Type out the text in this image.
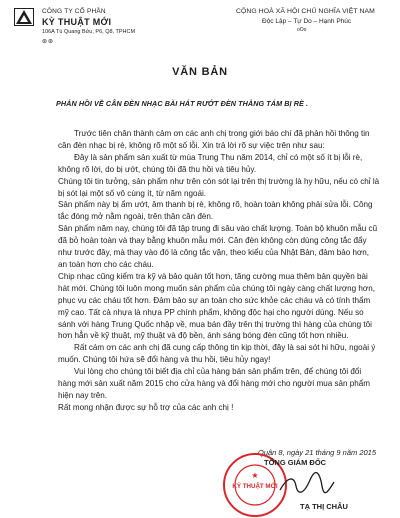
CÔNG TY CỔ PHẦN
KỲ THUẬT MỚI
106A Tú Quang Bửu, P6, Q8, TPHCM
⊛⊛
CỘNG HOÀ XÃ HỘI CHỦ NGHĨA VIỆT NAM
Độc Lập – Tự Do – Hạnh Phúc
oOo
VĂN BẢN
PHẢN HỒI VỀ CÂN ĐÈN NHẠC BÀI HÁT RƯỚT ĐÈN THẲNG TÁM BỊ RÈ .

Trước tiên chân thành cảm ơn các anh chị trong giới báo chí đã phản hồi thông tin cân đèn nhạc bị rè, không rõ một số lỗi. Xin trả lời rõ sự việc trên như sau:

Đây là sản phẩm sản xuất từ mùa Trung Thu năm 2014, chỉ có một số ít bị lỗi rè, không rõ lời, do bị ướt, chúng tôi đã thu hồi và tiêu hủy.

Chúng tôi tin tưởng, sản phẩm như trên còn sót lại trên thị trường là hy hữu, nếu có chỉ là bị sót lại một số vô cùng ít, từ năm ngoái.

Sản phẩm này bị ẩm ướt, âm thanh bị rè, không rõ, hoàn toàn không phải sửa lỗi. Công tắc đóng mở nằm ngoài, trên thân cân đèn.

Sản phẩm năm nay, chúng tôi đã tập trung đi sâu vào chất lượng. Toàn bộ khuôn mẫu cũ đã bỏ hoàn toàn và thay bằng khuôn mẫu mới. Cân đèn không còn dùng công tắc đẩy như trước đây, mà thay vào đó là công tắc vặn, theo kiểu của Nhật Bản, đảm bảo hơn, an toàn hơn cho các cháu.

Chip nhạc cũng kiểm tra kỹ và bảo quản tốt hơn, tăng cường mua thêm bản quyền bài hát mới. Chúng tôi luôn mong muốn sản phẩm của chúng tôi ngày càng chất lượng hơn, phục vụ các cháu tốt hơn. Đảm bảo sự an toàn cho sức khỏe các cháu và có tính thẩm mỹ cao. Tất cả nhựa là nhựa PP chính phẩm, không độc hại cho người dùng. Nếu so sánh với hàng Trung Quốc nhập về, mua bán đầy trên thị trường thì hàng của chúng tôi hơn hẳn về kỹ thuật, mỹ thuật và độ bền, ánh sáng bóng đèn cũng tốt hơn nhiều.

Rất cám ơn các anh chị đã cung cấp thông tin kịp thời, đây là sai sót hi hữu, ngoài ý muốn. Chúng tôi hứa sẽ đổi hàng và thu hồi, tiêu hủy ngay!

Vui lòng cho chúng tôi biết địa chỉ của hàng bán sản phẩm trên, để chúng tôi đổi hàng mới sản xuất năm 2015 cho cửa hàng và đổi hàng mới cho người mua sản phẩm hiện nay trên.

Rất mong nhận được sự hỗ trợ của các anh chị !

Quận 8, ngày 21 tháng 9 năm 2015
KỲ THUẬT MỚI
★
TỔNG GIÁM ĐỐC
TẠ THỊ CHÂU
